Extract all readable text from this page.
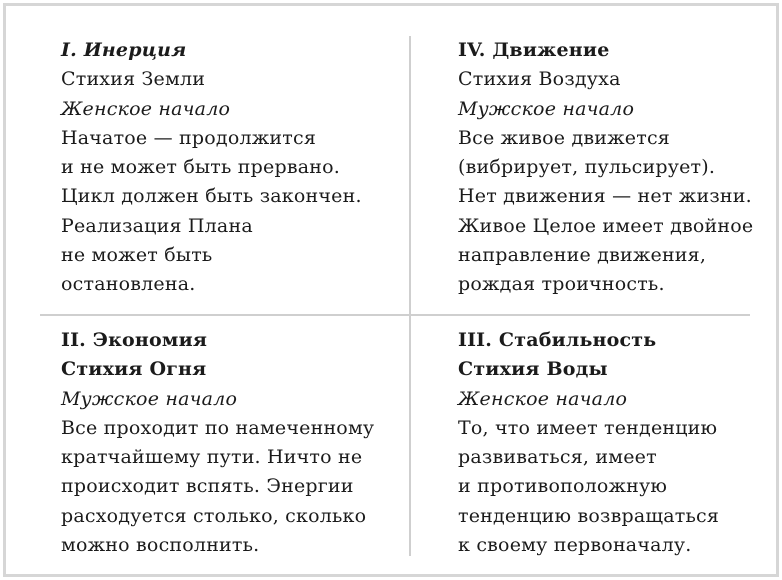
I. Инерция

Стихия Земли

Женское начало

Начатое — продолжится

и не может быть прервано.

Цикл должен быть закончен.

Реализация Плана

не может быть

остановлена.

IV. Движение

Стихия Воздуха

Мужское начало

Все живое движется

(вибрирует, пульсирует).

Нет движения — нет жизни.

Живое Целое имеет двойное

направление движения,

рождая троичность.

II. Экономия

Стихия Огня

Мужское начало

Все проходит по намеченному

кратчайшему пути. Ничто не

происходит вспять. Энергии

расходуется столько, сколько

можно восполнить.

III. Стабильность

Стихия Воды

Женское начало

То, что имеет тенденцию

развиваться, имеет

и противоположную

тенденцию возвращаться

к своему первоначалу.
